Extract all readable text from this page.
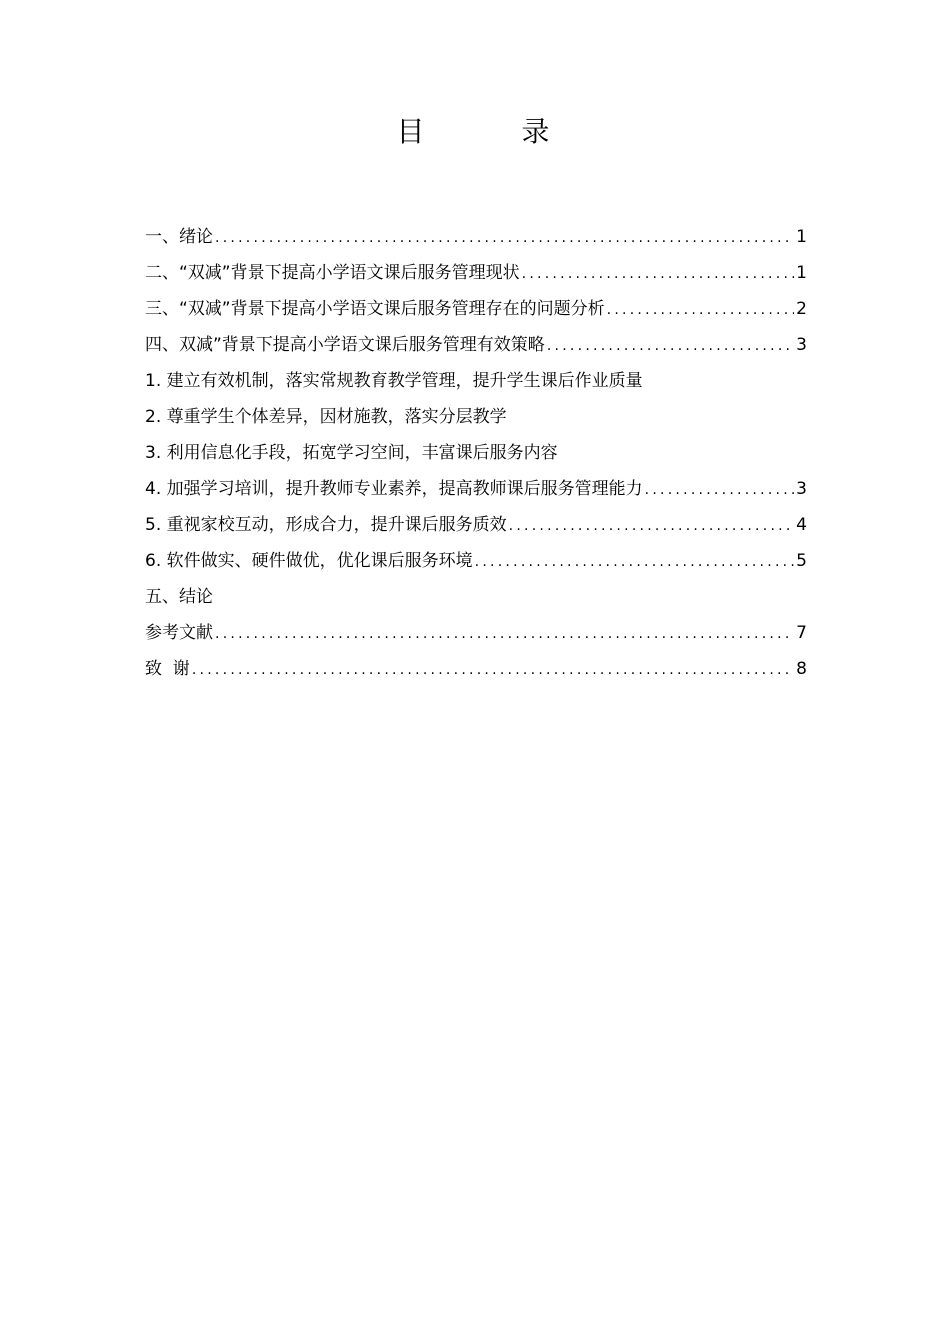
目 录
一、绪论 . . .	1
二、“双减”背景下提高小学语文课后服务管理现状 . . .	1
三、“双减”背景下提高小学语文课后服务管理存在的问题分析 . . .	2
四、双减”背景下提高小学语文课后服务管理有效策略 . . .	3
1. 建立有效机制，落实常规教育教学管理，提升学生课后作业质量
2. 尊重学生个体差异，因材施教，落实分层教学
3. 利用信息化手段，拓宽学习空间，丰富课后服务内容
4. 加强学习培训，提升教师专业素养，提高教师课后服务管理能力 . . .	3
5. 重视家校互动，形成合力，提升课后服务质效 . . .	4
6. 软件做实、硬件做优，优化课后服务环境 . . .	5
五、结论
参考文献 . . .	7
致  谢 . . .	8
